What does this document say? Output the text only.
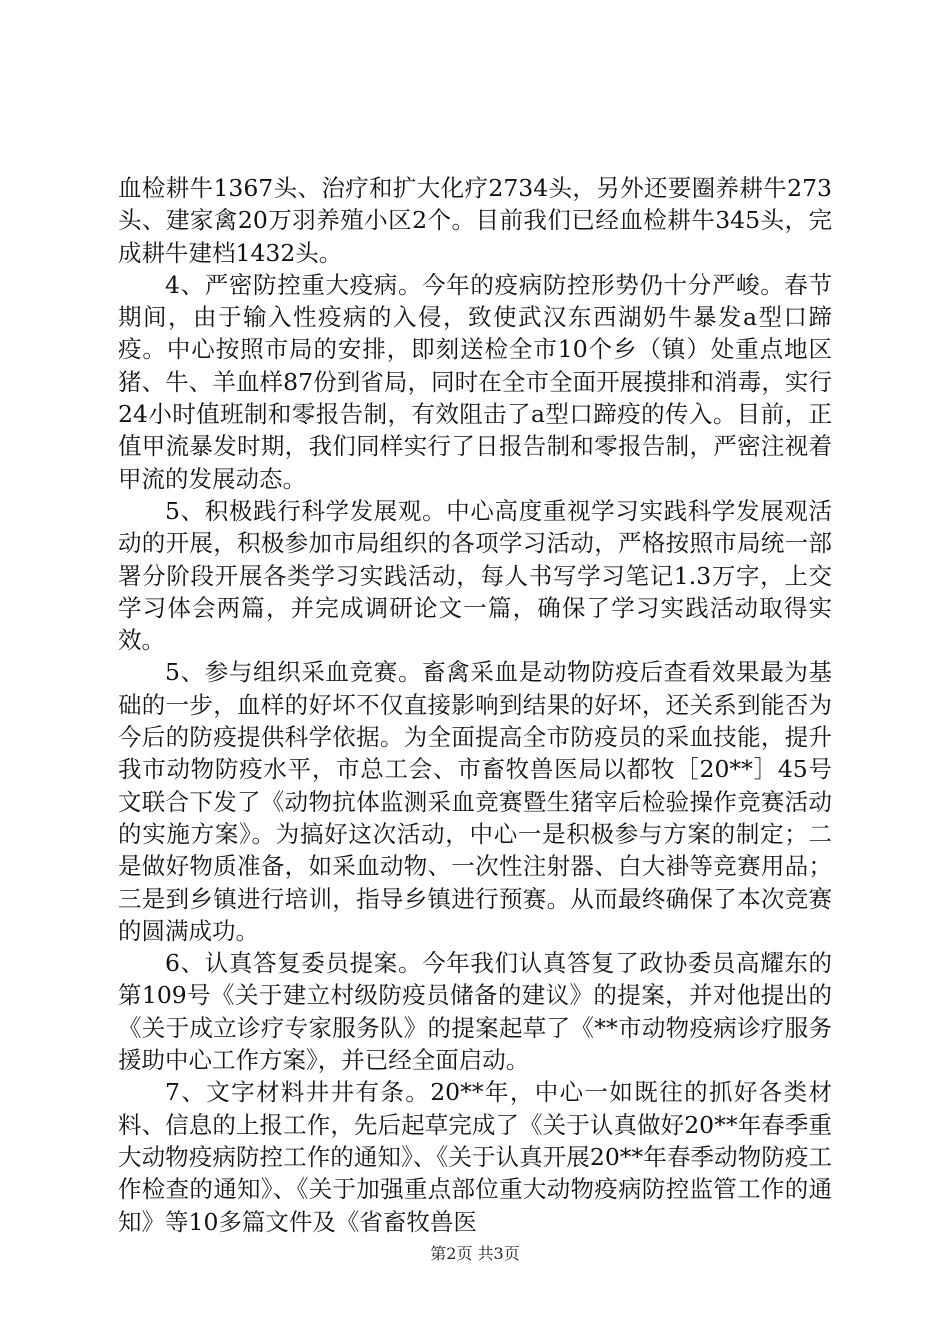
血检耕牛1367头、治疗和扩大化疗2734头，另外还要圈养耕牛273头、建家禽20万羽养殖小区2个。目前我们已经血检耕牛345头，完成耕牛建档1432头。

4、严密防控重大疫病。今年的疫病防控形势仍十分严峻。春节期间，由于输入性疫病的入侵，致使武汉东西湖奶牛暴发a型口蹄疫。中心按照市局的安排，即刻送检全市10个乡（镇）处重点地区猪、牛、羊血样87份到省局，同时在全市全面开展摸排和消毒，实行24小时值班制和零报告制，有效阻击了a型口蹄疫的传入。目前，正值甲流暴发时期，我们同样实行了日报告制和零报告制，严密注视着甲流的发展动态。

5、积极践行科学发展观。中心高度重视学习实践科学发展观活动的开展，积极参加市局组织的各项学习活动，严格按照市局统一部署分阶段开展各类学习实践活动，每人书写学习笔记1.3万字，上交学习体会两篇，并完成调研论文一篇，确保了学习实践活动取得实效。

5、参与组织采血竞赛。畜禽采血是动物防疫后查看效果最为基础的一步，血样的好坏不仅直接影响到结果的好坏，还关系到能否为今后的防疫提供科学依据。为全面提高全市防疫员的采血技能，提升我市动物防疫水平，市总工会、市畜牧兽医局以都牧［20**］45号文联合下发了《动物抗体监测采血竞赛暨生猪宰后检验操作竞赛活动的实施方案》。为搞好这次活动，中心一是积极参与方案的制定；二是做好物质准备，如采血动物、一次性注射器、白大褂等竞赛用品；三是到乡镇进行培训，指导乡镇进行预赛。从而最终确保了本次竞赛的圆满成功。

6、认真答复委员提案。今年我们认真答复了政协委员高耀东的第109号《关于建立村级防疫员储备的建议》的提案，并对他提出的《关于成立诊疗专家服务队》的提案起草了《**市动物疫病诊疗服务援助中心工作方案》，并已经全面启动。

7、文字材料井井有条。20**年，中心一如既往的抓好各类材料、信息的上报工作，先后起草完成了《关于认真做好20**年春季重大动物疫病防控工作的通知》、《关于认真开展20**年春季动物防疫工作检查的通知》、《关于加强重点部位重大动物疫病防控监管工作的通知》等10多篇文件及《省畜牧兽医

第2页 共3页
